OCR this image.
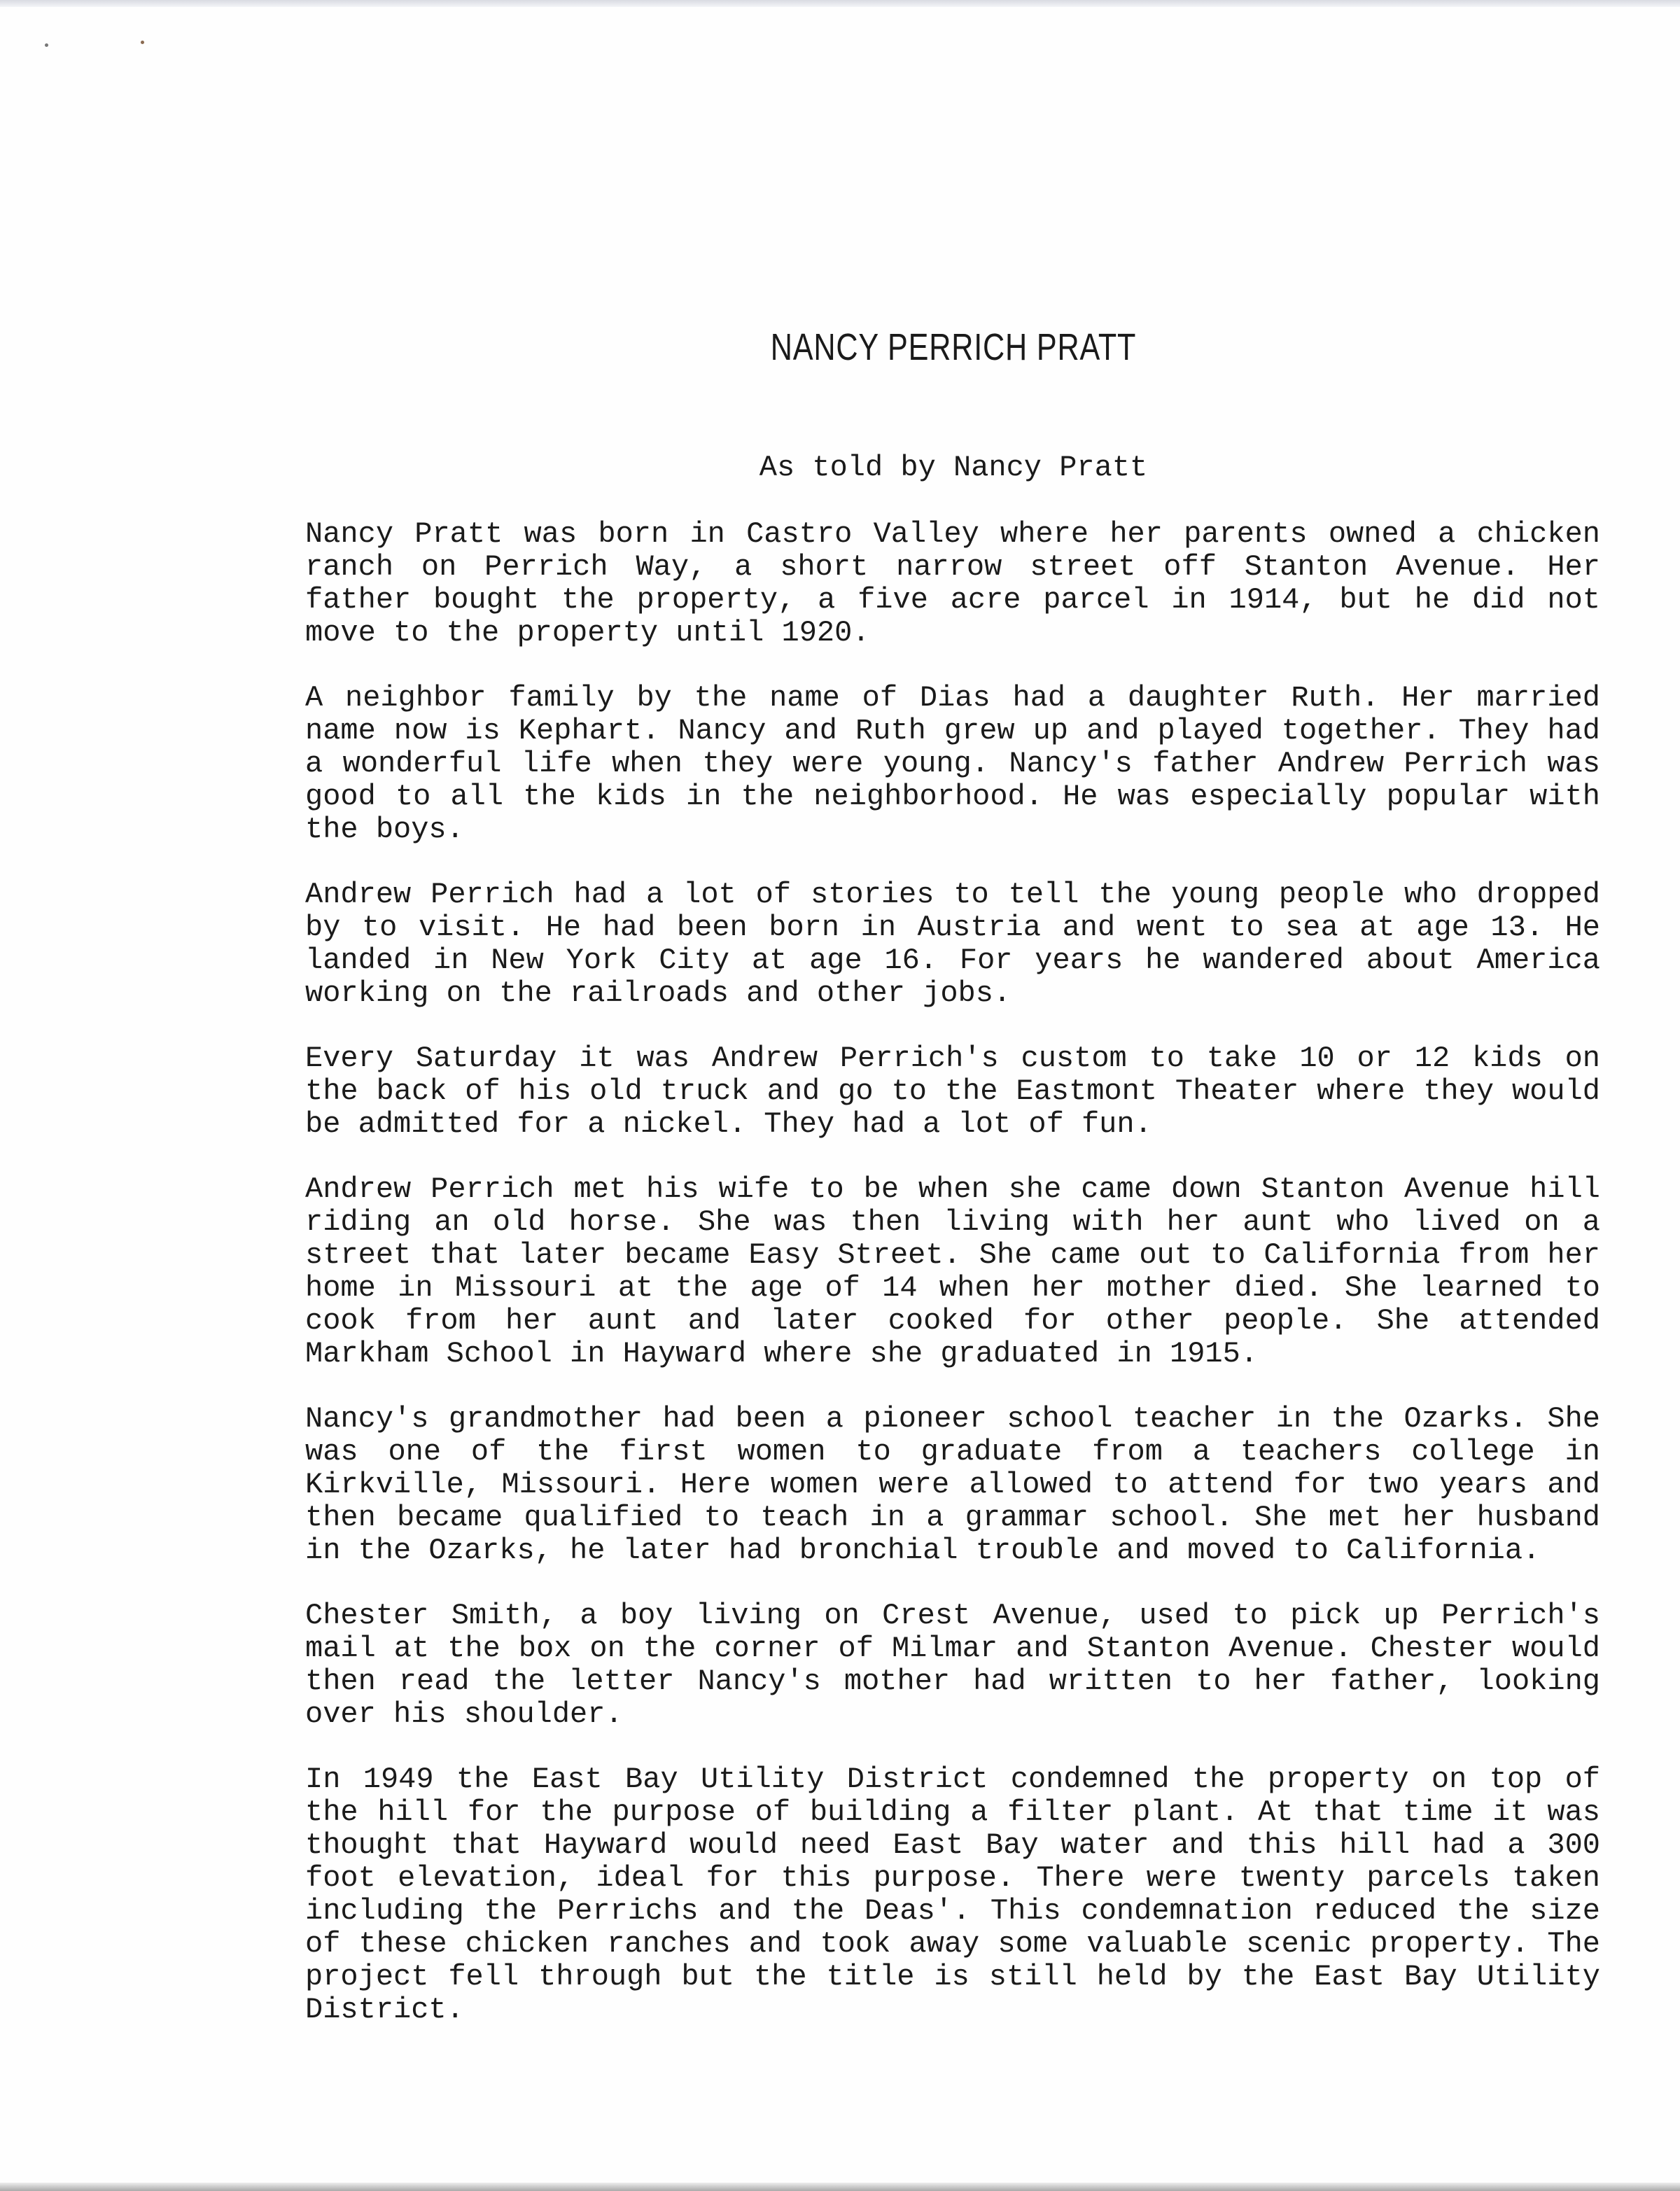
NANCY PERRICH PRATT
As told by Nancy Pratt

Nancy Pratt was born in Castro Valley where her parents owned a chicken ranch on Perrich Way, a short narrow street off Stanton Avenue. Her father bought the property, a five acre parcel in 1914, but he did not move to the property until 1920.

A neighbor family by the name of Dias had a daughter Ruth. Her married name now is Kephart. Nancy and Ruth grew up and played together. They had a wonderful life when they were young. Nancy's father Andrew Perrich was good to all the kids in the neighborhood. He was especially popular with the boys.

Andrew Perrich had a lot of stories to tell the young people who dropped by to visit. He had been born in Austria and went to sea at age 13. He landed in New York City at age 16. For years he wandered about America working on the railroads and other jobs.

Every Saturday it was Andrew Perrich's custom to take 10 or 12 kids on the back of his old truck and go to the Eastmont Theater where they would be admitted for a nickel. They had a lot of fun.

Andrew Perrich met his wife to be when she came down Stanton Avenue hill riding an old horse. She was then living with her aunt who lived on a street that later became Easy Street. She came out to California from her home in Missouri at the age of 14 when her mother died. She learned to cook from her aunt and later cooked for other people. She attended Markham School in Hayward where she graduated in 1915.

Nancy's grandmother had been a pioneer school teacher in the Ozarks. She was one of the first women to graduate from a teachers college in Kirkville, Missouri. Here women were allowed to attend for two years and then became qualified to teach in a grammar school. She met her husband in the Ozarks, he later had bronchial trouble and moved to California.

Chester Smith, a boy living on Crest Avenue, used to pick up Perrich's mail at the box on the corner of Milmar and Stanton Avenue. Chester would then read the letter Nancy's mother had written to her father, looking over his shoulder.

In 1949 the East Bay Utility District condemned the property on top of the hill for the purpose of building a filter plant. At that time it was thought that Hayward would need East Bay water and this hill had a 300 foot elevation, ideal for this purpose. There were twenty parcels taken including the Perrichs and the Deas'. This condemnation reduced the size of these chicken ranches and took away some valuable scenic property. The project fell through but the title is still held by the East Bay Utility District.
